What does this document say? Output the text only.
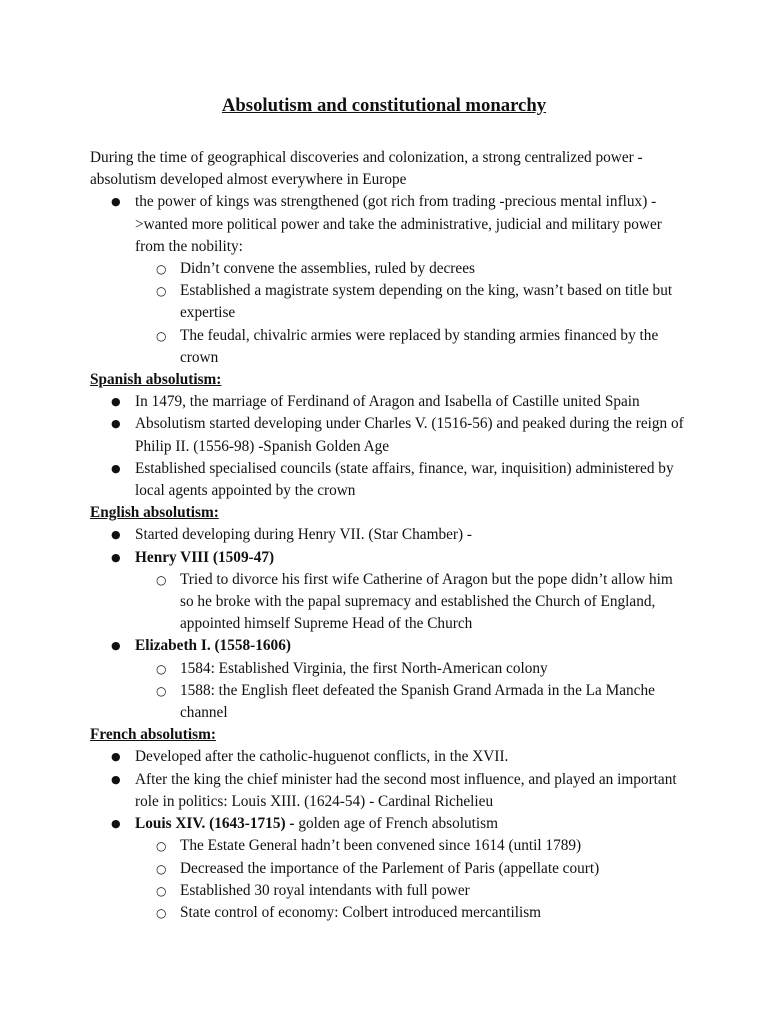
Absolutism and constitutional monarchy

During the time of geographical discoveries and colonization, a strong centralized power -absolutism developed almost everywhere in Europe

● the power of kings was strengthened (got rich from trading -precious mental influx) ->wanted more political power and take the administrative, judicial and military power from the nobility:
○ Didn’t convene the assemblies, ruled by decrees
○ Established a magistrate system depending on the king, wasn’t based on title but expertise
○ The feudal, chivalric armies were replaced by standing armies financed by the crown

Spanish absolutism:

● In 1479, the marriage of Ferdinand of Aragon and Isabella of Castille united Spain
● Absolutism started developing under Charles V. (1516-56) and peaked during the reign of Philip II. (1556-98) -Spanish Golden Age
● Established specialised councils (state affairs, finance, war, inquisition) administered by local agents appointed by the crown

English absolutism:

● Started developing during Henry VII. (Star Chamber) -
● Henry VIII (1509-47)
○ Tried to divorce his first wife Catherine of Aragon but the pope didn’t allow him so he broke with the papal supremacy and established the Church of England, appointed himself Supreme Head of the Church
● Elizabeth I. (1558-1606)
○ 1584: Established Virginia, the first North-American colony
○ 1588: the English fleet defeated the Spanish Grand Armada in the La Manche channel

French absolutism:

● Developed after the catholic-huguenot conflicts, in the XVII.
● After the king the chief minister had the second most influence, and played an important role in politics: Louis XIII. (1624-54) - Cardinal Richelieu
● Louis XIV. (1643-1715) - golden age of French absolutism
○ The Estate General hadn’t been convened since 1614 (until 1789)
○ Decreased the importance of the Parlement of Paris (appellate court)
○ Established 30 royal intendants with full power
○ State control of economy: Colbert introduced mercantilism
